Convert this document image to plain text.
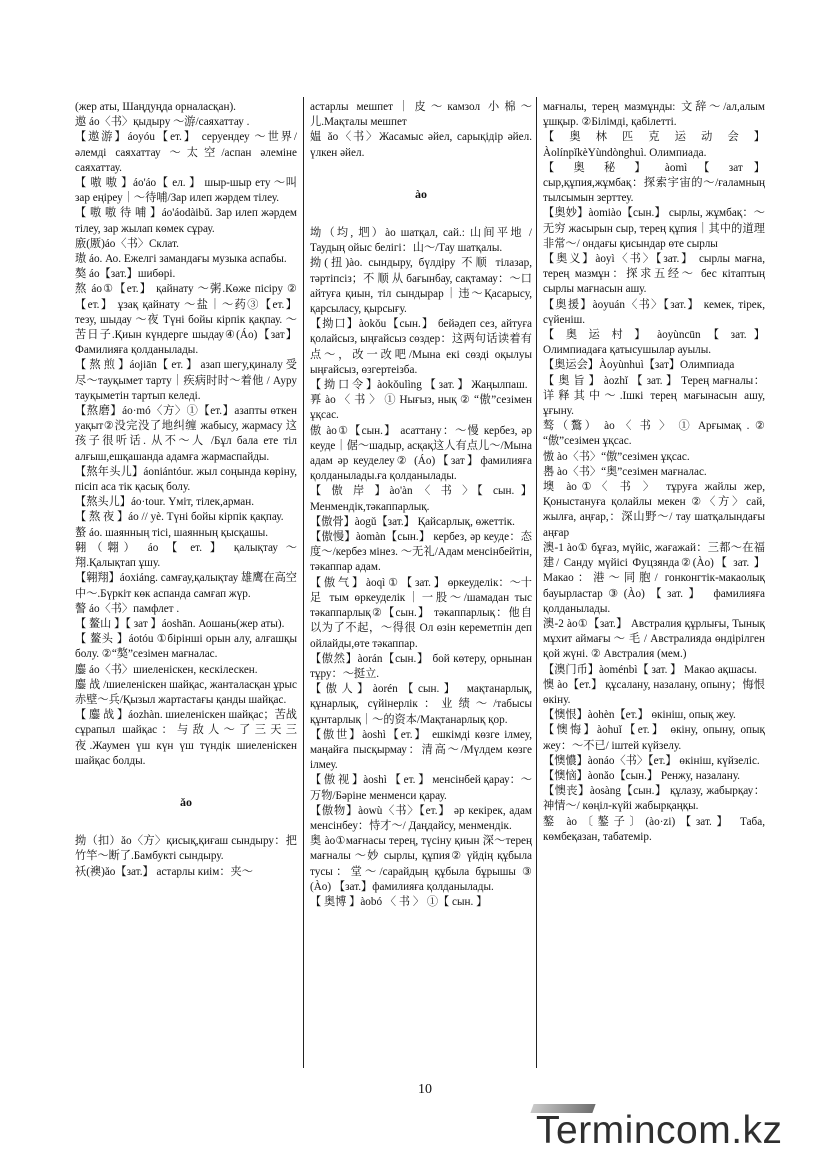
(жер аты, Шаңдуңда орналасқан).

遨 áo〈书〉қыдыру ～游/саяхаттау .

【遨游】áoyóu【ет.】 серуендеу ～世界/әлемді саяхаттау ～太空/аспан әлеміне саяхаттау.

【 嗷 嗷 】áo'áo【 ел. 】 шыр-шыр ету ～叫 зар еңіреу｜～待哺/Зар илеп жәрдем тілеу.

【 嗷 嗷 待 哺 】áo'áodàibǔ. Зар илеп жәрдем тілеу, зар жылап көмек сұрау.

廒(厫)áo〈书〉Склат.

璈 áo. Ао. Ежелгі замандағы музыка аспабы.

獒 áo【зат.】шибөрі.

熬 áo①【ет.】 қайнату ～粥.Көже пісіру ②【ет.】 ұзақ қайнату ～盐｜～药③【ет.】тезу, шыдау ～夜 Түні бойы кірпік қақпау. ～苦日子.Қиын күндерге шыдау④(Áo)【зат】Фамилияға қолданылады.

【 熬 煎 】áojiān【 ет. 】 азап шегу,қиналу 受尽～тауқымет тарту｜疾病时时～着他 / Ауру тауқыметін тартып келеді.

【熬磨】áo·mó〈方〉①【ет.】азапты өткен уақыт②没完没了地纠缠 жабысу, жармасу 这孩子很听话. 从不～人 /Бұл бала ете тіл алғыш,ешқашанда адамға жармаспайды.

【熬年头儿】áoniántóur. жыл соңында көріну, пісіп аса тік қасық болу.

【熬头儿】áo·tour. Үміт, тілек,арман.

【 熬 夜 】áo // yè. Түні бойы кірпік қақпау.

螯 áo. шаянның тісі, шаянның қысқашы.

翱（翺） áo 【 ет. 】 қалықтау ～翔.Қалықтап ұшу.

【翱翔】áoxiáng. самғау,қалықтау 雄鹰在高空中～.Бүркіт көк аспанда самғап жүр.

謷 áo〈书〉памфлет .

【 鳌山 】【 зат 】áoshān. Аошань(жер аты).

【 鳌头 】áotóu ①бірінші орын алу, алғашқы болу. ②“獒”сезімен мағналас.

鏖 áo〈书〉шиеленіскен, кескілескен.

鏖 战 /шиеленіскен шайқас, жанталасқан ұрыс 赤壁～兵/Қызыл жартастағы қанды шайқас.

【 鏖 战 】áozhàn. шиеленіскен шайқас；苦战 сұрапыл шайқас：与敌人～了三天三夜.Жаумен үш күн үш түндік шиеленіскен шайқас болды.

ǎo

拗（扣）ǎo〈方〉қисық,қиғаш сындыру：把竹竿～断了.Бамбукті сындыру.

袄(襖)ǎo【зат.】 астарлы киім：夹～

астарлы мешпет｜皮～камзол 小棉～儿.Мақталы мешпет

媪 ǎo〈书〉Жасамыс әйел, сарықідір әйел. үлкен әйел.

ào

坳（均, 垇）ào шатқал, сай.: 山间平地 /Таудың ойыс белігі：山～/Тау шатқалы.

拗(扭)ào. сындыру, бүлдіру 不顺 тілазар, тәртіпсіз；不 顺 从 бағынбау, сақтамау：～口 айтуға қиын, тіл сындырар｜违～Қасарысу, қарсыласу, қырсығу.

【拗口】àokǒu【сын.】 бейәдеп сез, айтуға қолайсыз, ыңғайсыз сөздер：这两句话读着有点～，改一改吧/Мына екі сөзді оқылуы ыңғайсыз, өзгертеізба.

【 拗 口 令 】àokǒulìng 【 зат. 】 Жаңылпаш.

奡 ào 〈 书 〉 ① Нығыз, нық ② “傲”сезімен ұқсас.

傲 ào①【сын.】 асаттану：～慢 кербез, әр кеуде｜倨～шадыр, асқақ这人有点儿～/Мына адам әр кеуделеу② (Áo)【зат】фамилияға қолданылады.ға қолданылады.

【 傲 岸 】ào'àn 〈 书 〉【 сын. 】 Менмендік,тәкаппарлық.

【傲骨】àogǔ【зат.】 Қайсарлық, өжеттік.

【傲慢】àomàn【сын.】 кербез, әр кеуде：态度～/кербез мінез. ～无礼/Адам менсінбейтін, тәкаппар адам.

【 傲 气 】 àoqì ① 【 зат. 】 өркеуделік：～十足 тым өркеуделік｜一股～/шамадан тыс тәкаппарлық②【сын.】 тәкаппарлық：他自以为了不起，～得很 Ол өзін кереметпін деп ойлайды,өте тәкаппар.

【傲然】àorán【сын.】 бой көтеру, орнынан тұру：～挺立.

【傲人】àorén【сын.】 мақтанарлық, құнарлық, сүйінерлік：业绩～/табысы құнтарлық｜～的资本/Мақтанарлық қор.

【傲世】àoshì【ет.】 ешкімді көзге ілмеу, маңайға пысқырмау：清高～/Мүлдем көзге ілмеу.

【 傲 视 】àoshì 【 ет. 】 менсінбей қарау：～万物/Бәріне менменси қарау.

【傲物】àowù〈书〉【ет.】 әр кекірек, адам менсінбеу：恃才～/ Даңдайсу, менмендік.

奥 ào①мағнасы терең, түсіну қиын 深～терең мағналы ～妙 сырлы, құпия② үйдің құбыла тусы：堂～/сарайдың құбыла бұрышы ③ (Ào) 【зат.】фамилияға қолданылады.

【 奥博 】àobó 〈 书 〉 ①【 сын. 】

мағналы, терең мазмұнды: 文辞～/ал,алым ұшқыр. ②Білімді, қабілетті.

【 奥 林 匹 克 运 动 会 】ÀolínpǐkèYùndònghuì. Олимпиада.

【 奥 秘 】 àomì 【 зат 】 сыр,құпия,жұмбақ：探索宇宙的～/ғаламның тылсымын зерттеу.

【奥妙】àomiào【сын.】 сырлы, жұмбақ：～无穷 жасырын сыр, терең құпия｜其中的道理非常～/ ондағы қисындар өте сырлы

【奥义】àoyì〈书〉【зат.】 сырлы мағна, терең мазмұн：探求五经～ бес кітаптың сырлы мағнасын ашу.

【奥援】àoyuán〈书〉【зат.】 кемек, тірек, сүйеніш.

【 奥 运 村 】 àoyùncūn 【 зат. 】 Олимпиадаға қатысушылар ауылы.

【奥运会】Àoyùnhuì【зат】Олимпиада

【 奥 旨 】 àozhǐ 【 зат. 】 Терең мағналы：详释其中～.Ішкі терең мағынасын ашу, ұғыну.

骜（鷔） ào 〈 书 〉 ① Арғымақ . ② “傲”сезімен ұқсас.

慠 ào〈书〉“傲”сезімен ұқсас.

嶴 ào〈书〉“奥”сезімен мағналас.

墺 ào①〈 书 〉 тұруға жайлы жер, Қоныстануға қолайлы мекен ②〈方〉сай, жылға, аңғар,：深山野～/ тау шатқалындағы аңғар

澳-1 ào① бұғаз, мүйіс, жағажай：三都～在福建/ Санду мүйісі Фуцзянда②(Ào)【 зат. 】 Макао：港～同胞/ гонконгтік-макаолық бауырластар③(Ào)【зат.】 фамилияға қолданылады.

澳-2 ào①【зат.】 Австралия құрлығы, Тынық мұхит аймағы ～ 毛 / Австралияда өндірілген қой жүні. ② Австралия (мем.)

【澳门币】àoménbì【 зат. 】 Макао ақшасы.

懊 ào【ет.】 құсалану, назалану, опыну；悔恨 өкіну.

【懊恨】àohèn【ет.】 өкініш, опық жеу.

【懊悔】àohuǐ【ет.】 өкіну, опыну, опық жеу：～不已/ іштей күйзелу.

【懊憹】àonáo〈书〉【ет.】 өкініш, күйзеліс.

【懊恼】àonǎo【сын.】 Ренжу, назалану.

【懊丧】àosàng【сын.】 құлазу, жабырқау：神情～/ көңіл-күйі жабырқаңқы.

鏊 ào〔鏊子〕(ào·zi)【зат.】 Таба, көмбеқазан, табатемір.

10
Termincom.kz
